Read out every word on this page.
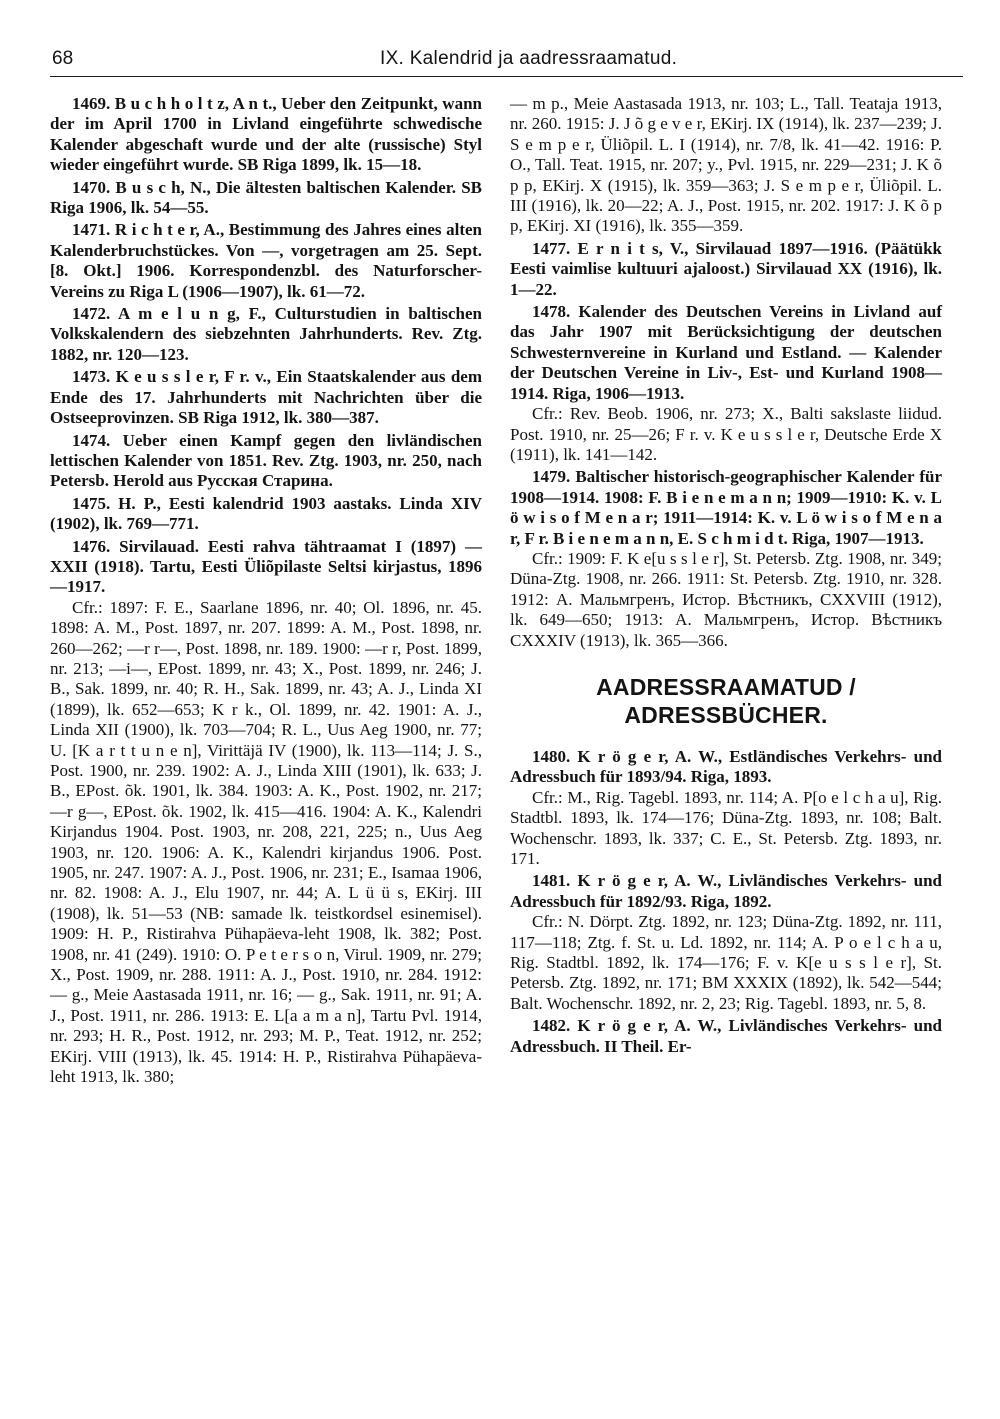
68	IX. Kalendrid ja aadressraamatud.

1469. B u c h h o l t z, A n t., Ueber den Zeitpunkt, wann der im April 1700 in Livland eingeführte schwedische Kalender abgeschaft wurde und der alte (russische) Styl wieder eingeführt wurde. SB Riga 1899, lk. 15—18.

1470. B u s c h, N., Die ältesten baltischen Kalender. SB Riga 1906, lk. 54—55.

1471. R i c h t e r, A., Bestimmung des Jahres eines alten Kalenderbruchstückes. Von —, vorgetragen am 25. Sept. [8. Okt.] 1906. Korrespondenzbl. des Naturforscher-Vereins zu Riga L (1906—1907), lk. 61—72.

1472. A m e l u n g, F., Culturstudien in baltischen Volkskalendern des siebzehnten Jahrhunderts. Rev. Ztg. 1882, nr. 120—123.

1473. K e u s s l e r, F r. v., Ein Staatskalender aus dem Ende des 17. Jahrhunderts mit Nachrichten über die Ostseeprovinzen. SB Riga 1912, lk. 380—387.

1474. Ueber einen Kampf gegen den livländischen lettischen Kalender von 1851. Rev. Ztg. 1903, nr. 250, nach Petersb. Herold aus Русская Старина.

1475. H. P., Eesti kalendrid 1903 aastaks. Linda XIV (1902), lk. 769—771.

1476. Sirvilauad. Eesti rahva tähtraamat I (1897) — XXII (1918). Tartu, Eesti Üliõpilaste Seltsi kirjastus, 1896—1917.

Cfr.: 1897: F. E., Saarlane 1896, nr. 40; Ol. 1896, nr. 45. 1898: A. M., Post. 1897, nr. 207. 1899: A. M., Post. 1898, nr. 260—262; —r r—, Post. 1898, nr. 189. 1900: —r r, Post. 1899, nr. 213; —i—, EPost. 1899, nr. 43; X., Post. 1899, nr. 246; J. B., Sak. 1899, nr. 40; R. H., Sak. 1899, nr. 43; A. J., Linda XI (1899), lk. 652—653; K r k., Ol. 1899, nr. 42. 1901: A. J., Linda XII (1900), lk. 703—704; R. L., Uus Aeg 1900, nr. 77; U. [K a r t t u n e n], Virittäjä IV (1900), lk. 113—114; J. S., Post. 1900, nr. 239. 1902: A. J., Linda XIII (1901), lk. 633; J. B., EPost. õk. 1901, lk. 384. 1903: A. K., Post. 1902, nr. 217; —r g—, EPost. õk. 1902, lk. 415—416. 1904: A. K., Kalendri Kirjandus 1904. Post. 1903, nr. 208, 221, 225; n., Uus Aeg 1903, nr. 120. 1906: A. K., Kalendri kirjandus 1906. Post. 1905, nr. 247. 1907: A. J., Post. 1906, nr. 231; E., Isamaa 1906, nr. 82. 1908: A. J., Elu 1907, nr. 44; A. L ü ü s, EKirj. III (1908), lk. 51—53 (NB: samade lk. teistkordsel esinemisel). 1909: H. P., Ristirahva Pühapäeva-leht 1908, lk. 382; Post. 1908, nr. 41 (249). 1910: O. P e t e r s o n, Virul. 1909, nr. 279; X., Post. 1909, nr. 288. 1911: A. J., Post. 1910, nr. 284. 1912: — g., Meie Aastasada 1911, nr. 16; — g., Sak. 1911, nr. 91; A. J., Post. 1911, nr. 286. 1913: E. L[a a m a n], Tartu Pvl. 1914, nr. 293; H. R., Post. 1912, nr. 293; M. P., Teat. 1912, nr. 252; EKirj. VIII (1913), lk. 45. 1914: H. P., Ristirahva Pühapäeva-leht 1913, lk. 380;

— m p., Meie Aastasada 1913, nr. 103; L., Tall. Teataja 1913, nr. 260. 1915: J. J õ g e v e r, EKirj. IX (1914), lk. 237—239; J. S e m p e r, Üliõpil. L. I (1914), nr. 7/8, lk. 41—42. 1916: P. O., Tall. Teat. 1915, nr. 207; y., Pvl. 1915, nr. 229—231; J. K õ p p, EKirj. X (1915), lk. 359—363; J. S e m p e r, Üliõpil. L. III (1916), lk. 20—22; A. J., Post. 1915, nr. 202. 1917: J. K õ p p, EKirj. XI (1916), lk. 355—359.

1477. E r n i t s, V., Sirvilauad 1897—1916. (Päätükk Eesti vaimlise kultuuri ajaloost.) Sirvilauad XX (1916), lk. 1—22.

1478. Kalender des Deutschen Vereins in Livland auf das Jahr 1907 mit Berücksichtigung der deutschen Schwesternvereine in Kurland und Estland. — Kalender der Deutschen Vereine in Liv-, Est- und Kurland 1908—1914. Riga, 1906—1913.

Cfr.: Rev. Beob. 1906, nr. 273; X., Balti sakslaste liidud. Post. 1910, nr. 25—26; F r. v. K e u s s l e r, Deutsche Erde X (1911), lk. 141—142.

1479. Baltischer historisch-geographischer Kalender für 1908—1914. 1908: F. B i e n e m a n n; 1909—1910: K. v. L ö w i s o f M e n a r; 1911—1914: K. v. L ö w i s o f M e n a r, F r. B i e n e m a n n, E. S c h m i d t. Riga, 1907—1913.

Cfr.: 1909: F. K e[u s s l e r], St. Petersb. Ztg. 1908, nr. 349; Düna-Ztg. 1908, nr. 266. 1911: St. Petersb. Ztg. 1910, nr. 328. 1912: А. Мальмгренъ, Истор. Вѣстникъ, CXXVIII (1912), lk. 649—650; 1913: А. Мальмгренъ, Истор. Вѣстникъ CXXXIV (1913), lk. 365—366.

AADRESSRAAMATUD / ADRESSBÜCHER.

1480. K r ö g e r, A. W., Estländisches Verkehrs- und Adressbuch für 1893/94. Riga, 1893.

Cfr.: M., Rig. Tagebl. 1893, nr. 114; A. P[o e l c h a u], Rig. Stadtbl. 1893, lk. 174—176; Düna-Ztg. 1893, nr. 108; Balt. Wochenschr. 1893, lk. 337; C. E., St. Petersb. Ztg. 1893, nr. 171.

1481. K r ö g e r, A. W., Livländisches Verkehrs- und Adressbuch für 1892/93. Riga, 1892.

Cfr.: N. Dörpt. Ztg. 1892, nr. 123; Düna-Ztg. 1892, nr. 111, 117—118; Ztg. f. St. u. Ld. 1892, nr. 114; A. P o e l c h a u, Rig. Stadtbl. 1892, lk. 174—176; F. v. K[e u s s l e r], St. Petersb. Ztg. 1892, nr. 171; BM XXXIX (1892), lk. 542—544; Balt. Wochenschr. 1892, nr. 2, 23; Rig. Tagebl. 1893, nr. 5, 8.

1482. K r ö g e r, A. W., Livländisches Verkehrs- und Adressbuch. II Theil. Er-
